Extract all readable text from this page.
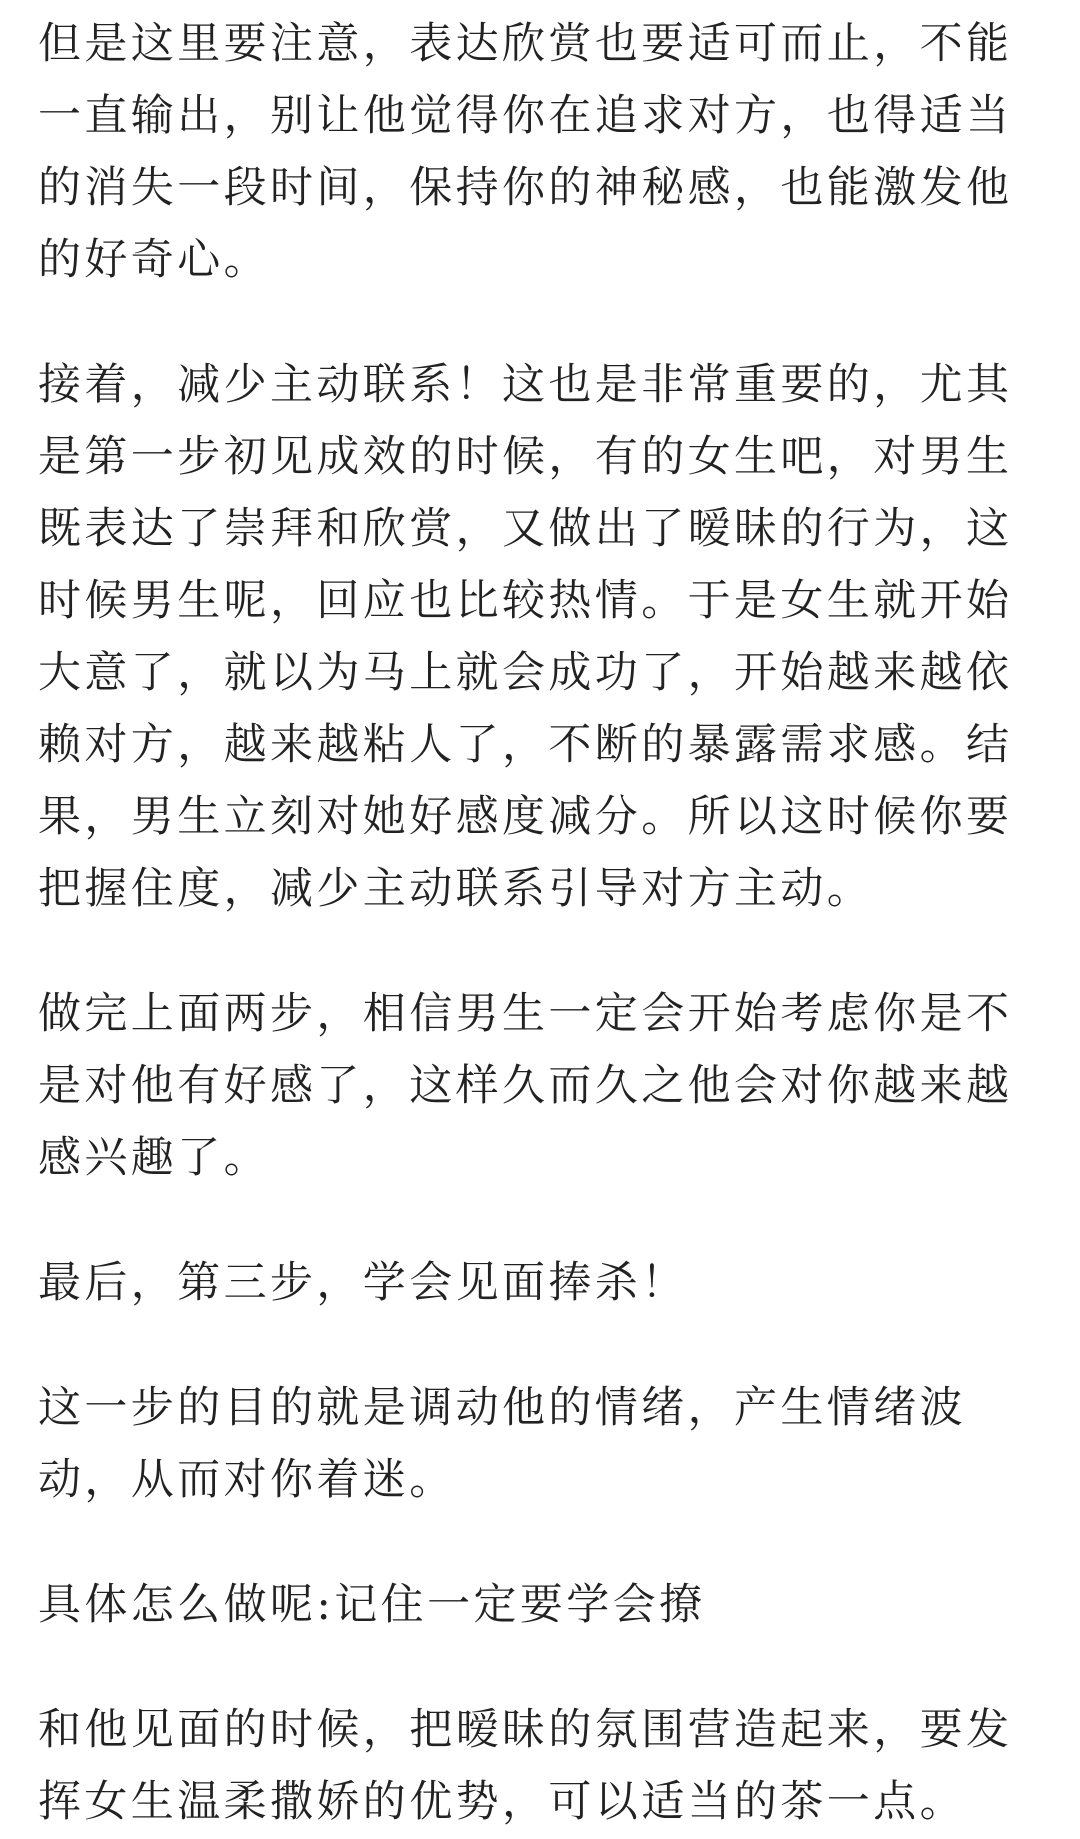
但是这里要注意，表达欣赏也要适可而止，不能一直输出，别让他觉得你在追求对方，也得适当的消失一段时间，保持你的神秘感，也能激发他的好奇心。

接着，减少主动联系！这也是非常重要的，尤其是第一步初见成效的时候，有的女生吧，对男生既表达了崇拜和欣赏，又做出了暧昧的行为，这时候男生呢，回应也比较热情。于是女生就开始大意了，就以为马上就会成功了，开始越来越依赖对方，越来越粘人了，不断的暴露需求感。结果，男生立刻对她好感度减分。所以这时候你要把握住度，减少主动联系引导对方主动。

做完上面两步，相信男生一定会开始考虑你是不是对他有好感了，这样久而久之他会对你越来越感兴趣了。

最后，第三步，学会见面捧杀！

这一步的目的就是调动他的情绪，产生情绪波动，从而对你着迷。

具体怎么做呢:记住一定要学会撩

和他见面的时候，把暧昧的氛围营造起来，要发挥女生温柔撒娇的优势，可以适当的茶一点。
